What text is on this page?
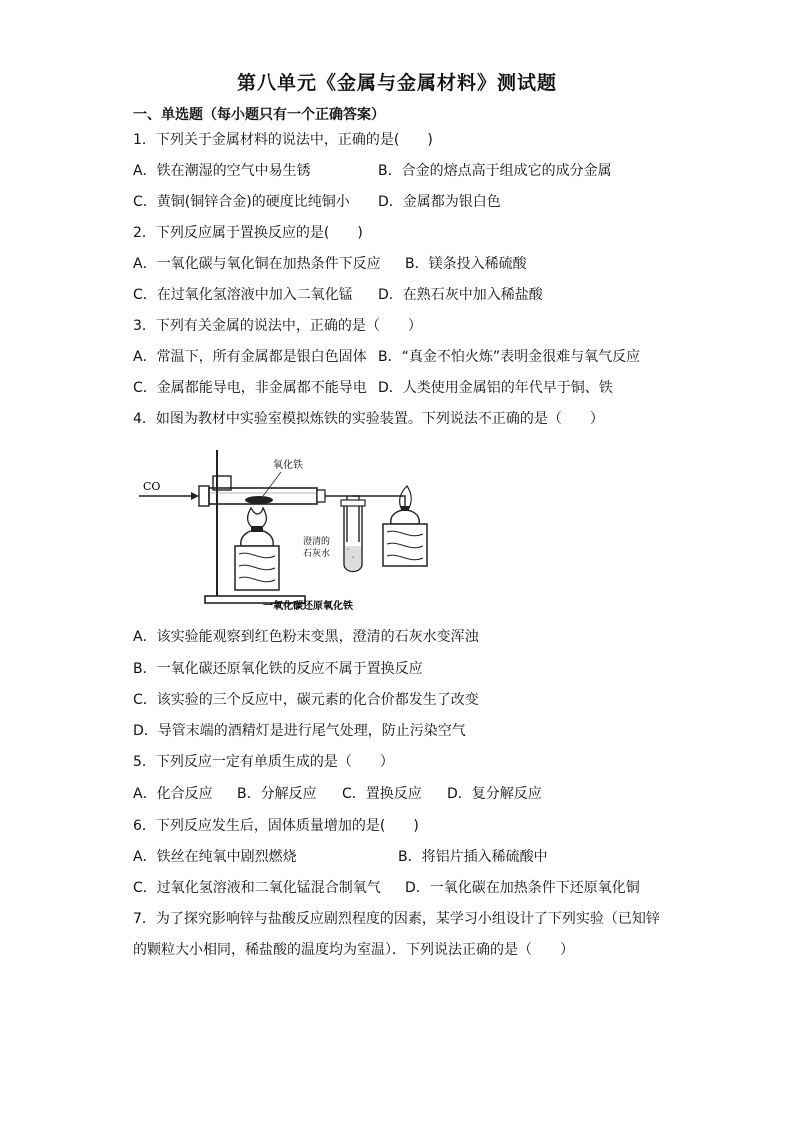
第八单元《金属与金属材料》测试题
一、单选题（每小题只有一个正确答案）
1．下列关于金属材料的说法中，正确的是(　　)
A．铁在潮湿的空气中易生锈	B．合金的熔点高于组成它的成分金属
C．黄铜(铜锌合金)的硬度比纯铜小 D．金属都为银白色
2．下列反应属于置换反应的是(　　)
A．一氧化碳与氧化铜在加热条件下反应 B．镁条投入稀硫酸
C．在过氧化氢溶液中加入二氧化锰 D．在熟石灰中加入稀盐酸
3．下列有关金属的说法中，正确的是（　　）
A．常温下，所有金属都是银白色固体 B．“真金不怕火炼”表明金很难与氧气反应
C．金属都能导电，非金属都不能导电 D．人类使用金属铝的年代早于铜、铁
4．如图为教材中实验室模拟炼铁的实验装置。下列说法不正确的是（　　）
CO
氧化铁
°
°
澄清的
石灰水
一氧化碳还原氧化铁
A．该实验能观察到红色粉末变黑，澄清的石灰水变浑浊
B．一氧化碳还原氧化铁的反应不属于置换反应
C．该实验的三个反应中，碳元素的化合价都发生了改变
D．导管末端的酒精灯是进行尾气处理，防止污染空气
5．下列反应一定有单质生成的是（　　）
A．化合反应 B．分解反应 C．置换反应 D．复分解反应
6．下列反应发生后，固体质量增加的是(　　)
A．铁丝在纯氧中剧烈燃烧	B．将铝片插入稀硫酸中
C．过氧化氢溶液和二氧化锰混合制氧气 D．一氧化碳在加热条件下还原氧化铜
7．为了探究影响锌与盐酸反应剧烈程度的因素，某学习小组设计了下列实验（已知锌
的颗粒大小相同，稀盐酸的温度均为室温）．下列说法正确的是（　　）
